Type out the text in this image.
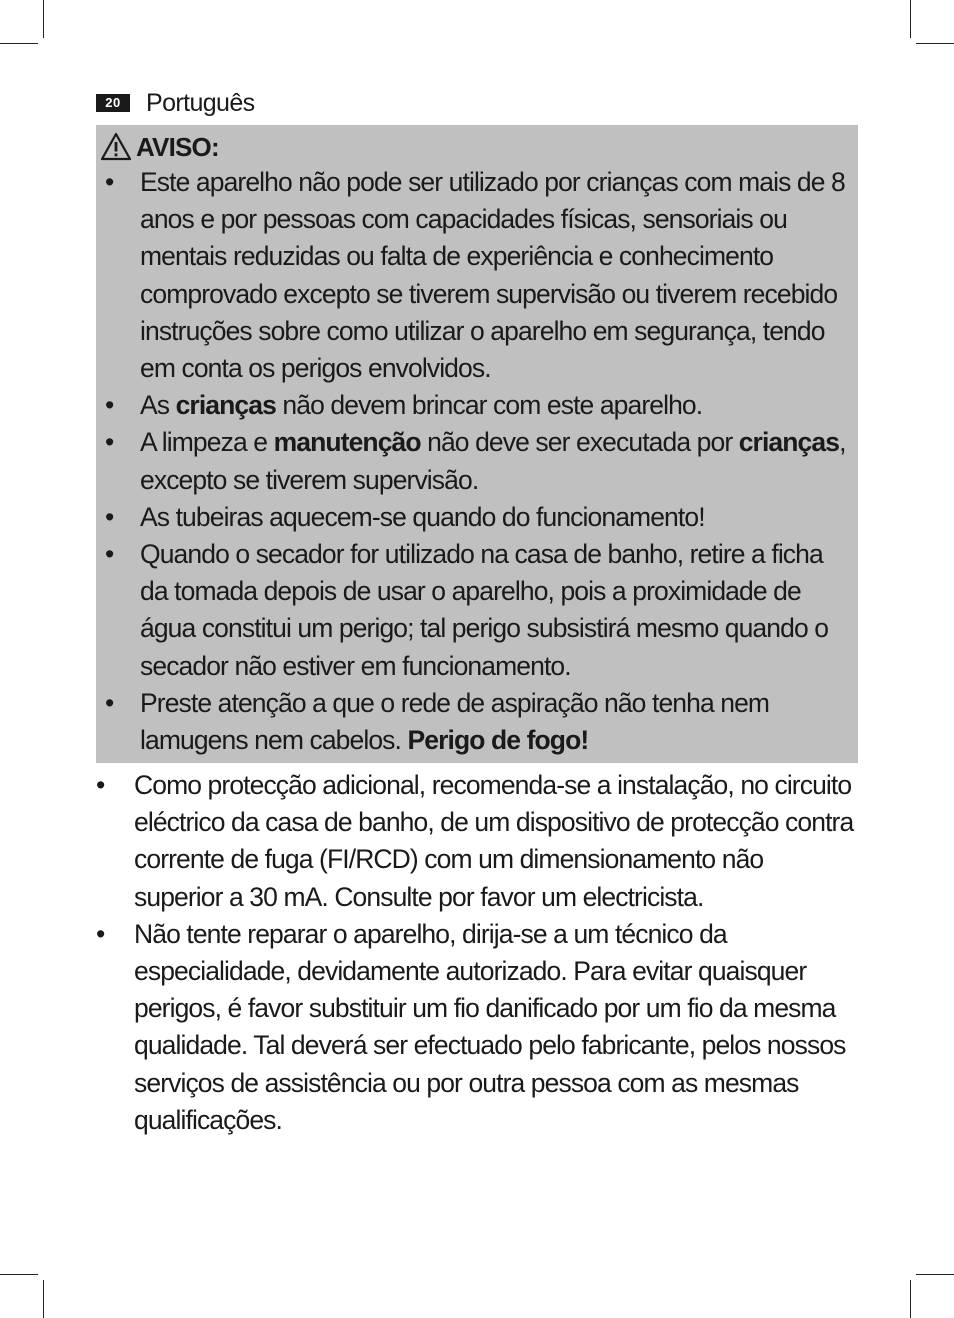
20	Português
AVISO:
• Este aparelho não pode ser utilizado por crianças com mais de 8 anos e por pessoas com capacidades físicas, sensoriais ou mentais reduzidas ou falta de experiência e conhecimento comprovado excepto se tiverem supervisão ou tiverem recebido instruções sobre como utilizar o aparelho em segurança, tendo em conta os perigos envolvidos.
• As crianças não devem brincar com este aparelho.
• A limpeza e manutenção não deve ser executada por crianças, excepto se tiverem supervisão.
• As tubeiras aquecem-se quando do funcionamento!
• Quando o secador for utilizado na casa de banho, retire a ficha da tomada depois de usar o aparelho, pois a proximidade de água constitui um perigo; tal perigo subsistirá mesmo quando o secador não estiver em funcionamento.
• Preste atenção a que o rede de aspiração não tenha nem lamugens nem cabelos. Perigo de fogo!
• Como protecção adicional, recomenda-se a instalação, no circuito eléctrico da casa de banho, de um dispositivo de protecção contra corrente de fuga (FI/RCD) com um dimensionamento não superior a 30 mA. Consulte por favor um electricista.
• Não tente reparar o aparelho, dirija-se a um técnico da especialidade, devidamente autorizado. Para evitar quaisquer perigos, é favor substituir um fio danificado por um fio da mesma qualidade. Tal deverá ser efectuado pelo fabricante, pelos nossos serviços de assistência ou por outra pessoa com as mesmas qualificações.
